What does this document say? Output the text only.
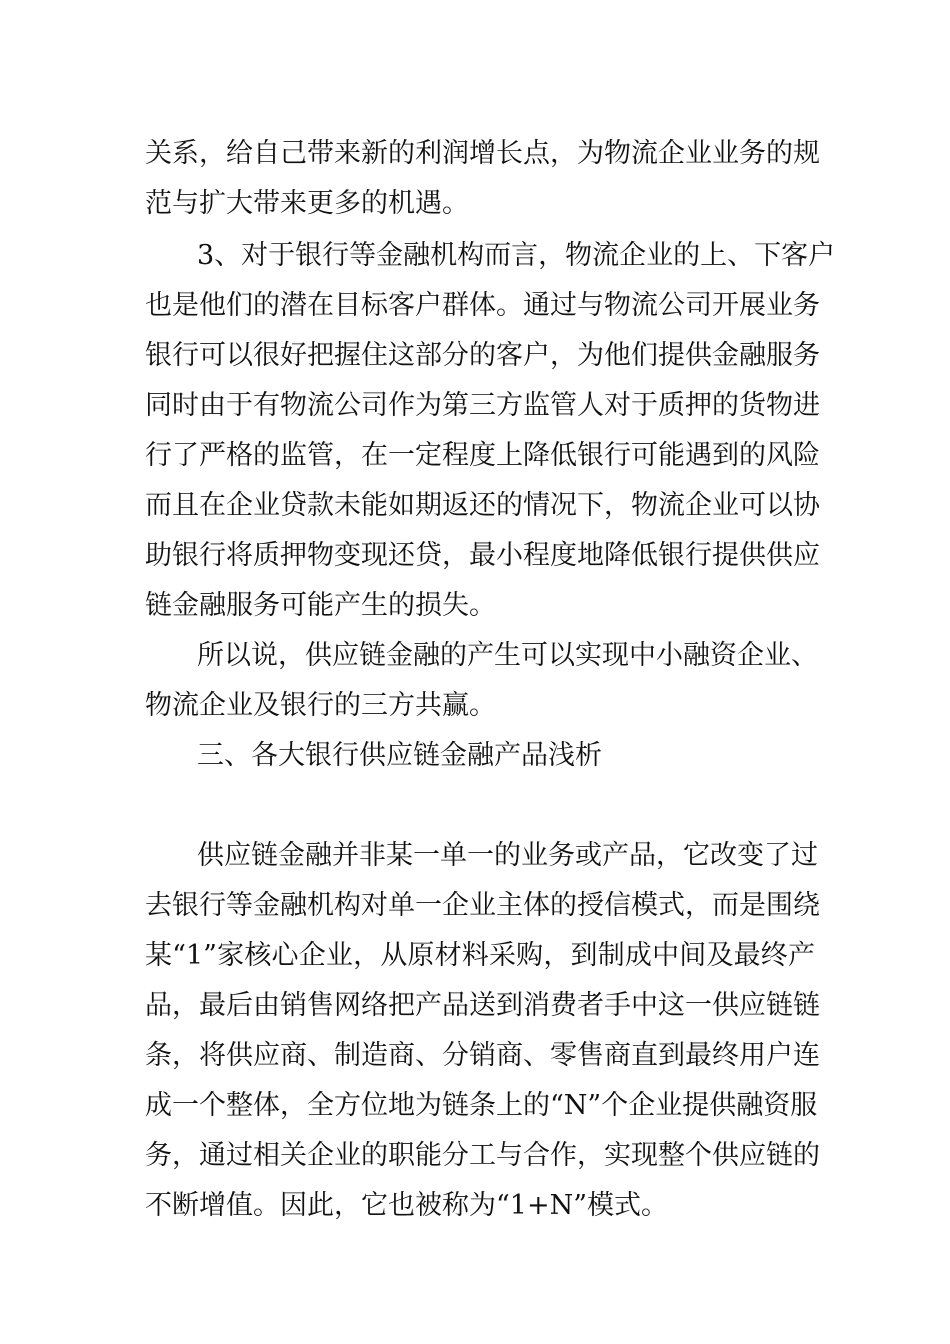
关系，给自己带来新的利润增长点，为物流企业业务的规

范与扩大带来更多的机遇。

3、对于银行等金融机构而言，物流企业的上、下客户

也是他们的潜在目标客户群体。通过与物流公司开展业务

银行可以很好把握住这部分的客户，为他们提供金融服务

同时由于有物流公司作为第三方监管人对于质押的货物进

行了严格的监管，在一定程度上降低银行可能遇到的风险

而且在企业贷款未能如期返还的情况下，物流企业可以协

助银行将质押物变现还贷，最小程度地降低银行提供供应

链金融服务可能产生的损失。

所以说，供应链金融的产生可以实现中小融资企业、

物流企业及银行的三方共赢。

三、各大银行供应链金融产品浅析

供应链金融并非某一单一的业务或产品，它改变了过

去银行等金融机构对单一企业主体的授信模式，而是围绕

某“1”家核心企业，从原材料采购，到制成中间及最终产

品，最后由销售网络把产品送到消费者手中这一供应链链

条，将供应商、制造商、分销商、零售商直到最终用户连

成一个整体，全方位地为链条上的“N”个企业提供融资服

务，通过相关企业的职能分工与合作，实现整个供应链的

不断增值。因此，它也被称为“1+N”模式。
